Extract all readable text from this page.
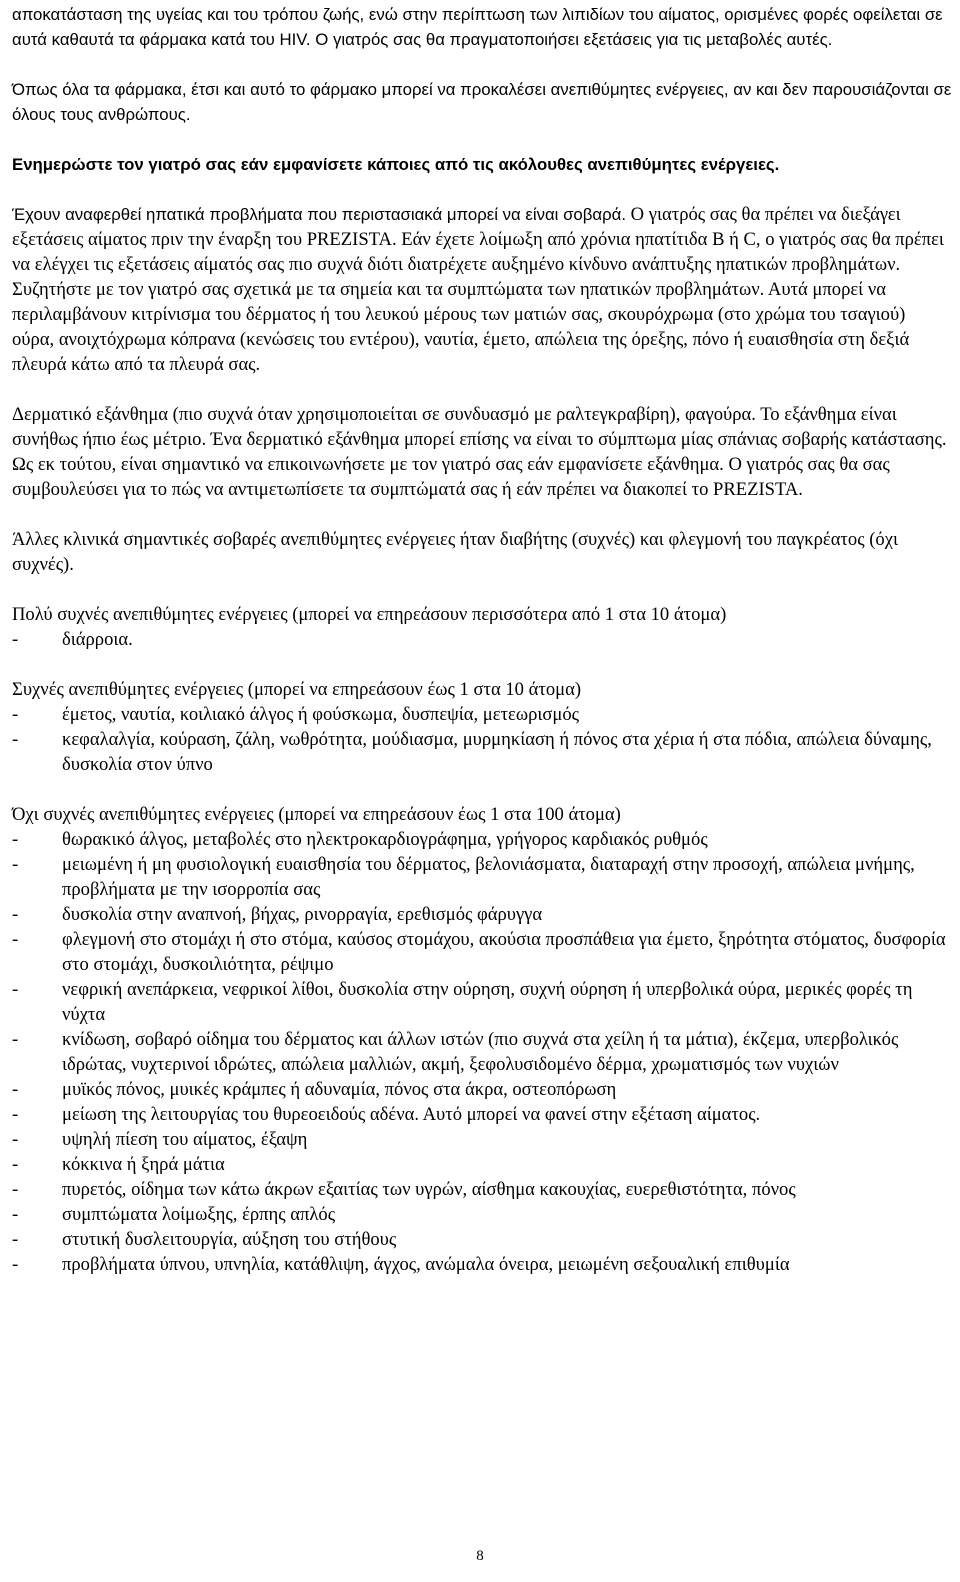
αποκατάσταση της υγείας και του τρόπου ζωής, ενώ στην περίπτωση των λιπιδίων του αίματος, ορισμένες φορές οφείλεται σε αυτά καθαυτά τα φάρμακα κατά του HIV. Ο γιατρός σας θα πραγματοποιήσει εξετάσεις για τις μεταβολές αυτές.

Όπως όλα τα φάρμακα, έτσι και αυτό το φάρμακο μπορεί να προκαλέσει ανεπιθύμητες ενέργειες, αν και δεν παρουσιάζονται σε όλους τους ανθρώπους.

Ενημερώστε τον γιατρό σας εάν εμφανίσετε κάποιες από τις ακόλουθες ανεπιθύμητες ενέργειες.

Έχουν αναφερθεί ηπατικά προβλήματα που περιστασιακά μπορεί να είναι σοβαρά. Ο γιατρός σας θα πρέπει να διεξάγει εξετάσεις αίματος πριν την έναρξη του PREZISTA. Εάν έχετε λοίμωξη από χρόνια ηπατίτιδα Β ή C, ο γιατρός σας θα πρέπει να ελέγχει τις εξετάσεις αίματός σας πιο συχνά διότι διατρέχετε αυξημένο κίνδυνο ανάπτυξης ηπατικών προβλημάτων. Συζητήστε με τον γιατρό σας σχετικά με τα σημεία και τα συμπτώματα των ηπατικών προβλημάτων. Αυτά μπορεί να περιλαμβάνουν κιτρίνισμα του δέρματος ή του λευκού μέρους των ματιών σας, σκουρόχρωμα (στο χρώμα του τσαγιού) ούρα, ανοιχτόχρωμα κόπρανα (κενώσεις του εντέρου), ναυτία, έμετο, απώλεια της όρεξης, πόνο ή ευαισθησία στη δεξιά πλευρά κάτω από τα πλευρά σας.

Δερματικό εξάνθημα (πιο συχνά όταν χρησιμοποιείται σε συνδυασμό με ραλτεγκραβίρη), φαγούρα. Το εξάνθημα είναι συνήθως ήπιο έως μέτριο. Ένα δερματικό εξάνθημα μπορεί επίσης να είναι το σύμπτωμα μίας σπάνιας σοβαρής κατάστασης. Ως εκ τούτου, είναι σημαντικό να επικοινωνήσετε με τον γιατρό σας εάν εμφανίσετε εξάνθημα. Ο γιατρός σας θα σας συμβουλεύσει για το πώς να αντιμετωπίσετε τα συμπτώματά σας ή εάν πρέπει να διακοπεί το PREZISTA.

Άλλες κλινικά σημαντικές σοβαρές ανεπιθύμητες ενέργειες ήταν διαβήτης (συχνές) και φλεγμονή του παγκρέατος (όχι συχνές).

Πολύ συχνές ανεπιθύμητες ενέργειες (μπορεί να επηρεάσουν περισσότερα από 1 στα 10 άτομα)

- διάρροια.

Συχνές ανεπιθύμητες ενέργειες (μπορεί να επηρεάσουν έως 1 στα 10 άτομα)

- έμετος, ναυτία, κοιλιακό άλγος ή φούσκωμα, δυσπεψία, μετεωρισμός
- κεφαλαλγία, κούραση, ζάλη, νωθρότητα, μούδιασμα, μυρμηκίαση ή πόνος στα χέρια ή στα πόδια, απώλεια δύναμης, δυσκολία στον ύπνο

Όχι συχνές ανεπιθύμητες ενέργειες (μπορεί να επηρεάσουν έως 1 στα 100 άτομα)

- θωρακικό άλγος, μεταβολές στο ηλεκτροκαρδιογράφημα, γρήγορος καρδιακός ρυθμός
- μειωμένη ή μη φυσιολογική ευαισθησία του δέρματος, βελονιάσματα, διαταραχή στην προσοχή, απώλεια μνήμης, προβλήματα με την ισορροπία σας
- δυσκολία στην αναπνοή, βήχας, ρινορραγία, ερεθισμός φάρυγγα
- φλεγμονή στο στομάχι ή στο στόμα, καύσος στομάχου, ακούσια προσπάθεια για έμετο, ξηρότητα στόματος, δυσφορία στο στομάχι, δυσκοιλιότητα, ρέψιμο
- νεφρική ανεπάρκεια, νεφρικοί λίθοι, δυσκολία στην ούρηση, συχνή ούρηση ή υπερβολικά ούρα, μερικές φορές τη νύχτα
- κνίδωση, σοβαρό οίδημα του δέρματος και άλλων ιστών (πιο συχνά στα χείλη ή τα μάτια), έκζεμα, υπερβολικός ιδρώτας, νυχτερινοί ιδρώτες, απώλεια μαλλιών, ακμή, ξεφολυσιδομένο δέρμα, χρωματισμός των νυχιών
- μυϊκός πόνος, μυικές κράμπες ή αδυναμία, πόνος στα άκρα, οστεοπόρωση
- μείωση της λειτουργίας του θυρεοειδούς αδένα. Αυτό μπορεί να φανεί στην εξέταση αίματος.
- υψηλή πίεση του αίματος, έξαψη
- κόκκινα ή ξηρά μάτια
- πυρετός, οίδημα των κάτω άκρων εξαιτίας των υγρών, αίσθημα κακουχίας, ευερεθιστότητα, πόνος
- συμπτώματα λοίμωξης, έρπης απλός
- στυτική δυσλειτουργία, αύξηση του στήθους
- προβλήματα ύπνου, υπνηλία, κατάθλιψη, άγχος, ανώμαλα όνειρα, μειωμένη σεξουαλική επιθυμία
8
